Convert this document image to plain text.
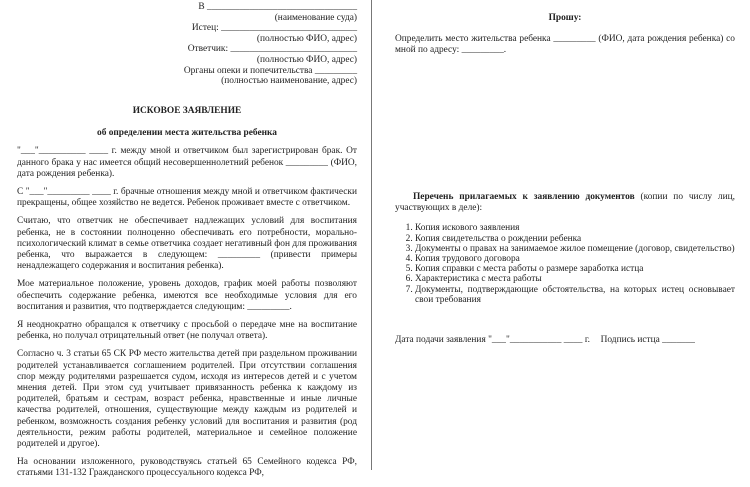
В ________________________________
(наименование суда)
Истец: _____________________________
(полностью ФИО, адрес)
Ответчик: ___________________________
(полностью ФИО, адрес)
Органы опеки и попечительства _________
(полностью наименование, адрес)
ИСКОВОЕ ЗАЯВЛЕНИЕ
об определении места жительства ребенка
"___"__________ ____ г. между мной и ответчиком был зарегистрирован брак. От данного брака у нас имеется общий несовершеннолетний ребенок _________ (ФИО, дата рождения ребенка).
С "___"_________ ____ г. брачные отношения между мной и ответчиком фактически прекращены, общее хозяйство не ведется. Ребенок проживает вместе с ответчиком.
Считаю, что ответчик не обеспечивает надлежащих условий для воспитания ребенка, не в состоянии полноценно обеспечивать его потребности, морально-психологический климат в семье ответчика создает негативный фон для проживания ребенка, что выражается в следующем: _________ (привести примеры ненадлежащего содержания и воспитания ребенка).
Мое материальное положение, уровень доходов, график моей работы позволяют обеспечить содержание ребенка, имеются все необходимые условия для его воспитания и развития, что подтверждается следующим: _________.
Я неоднократно обращался к ответчику с просьбой о передаче мне на воспитание ребенка, но получал отрицательный ответ (не получал ответа).
Согласно ч. 3 статьи 65 СК РФ место жительства детей при раздельном проживании родителей устанавливается соглашением родителей. При отсутствии соглашения спор между родителями разрешается судом, исходя из интересов детей и с учетом мнения детей. При этом суд учитывает привязанность ребенка к каждому из родителей, братьям и сестрам, возраст ребенка, нравственные и иные личные качества родителей, отношения, существующие между каждым из родителей и ребенком, возможность создания ребенку условий для воспитания и развития (род деятельности, режим работы родителей, материальное и семейное положение родителей и другое).
На основании изложенного, руководствуясь статьей 65 Семейного кодекса РФ, статьями 131-132 Гражданского процессуального кодекса РФ,
Прошу:
Определить место жительства ребенка _________ (ФИО, дата рождения ребенка) со мной по адресу: _________.
Перечень прилагаемых к заявлению документов (копии по числу лиц, участвующих в деле):
1. Копия искового заявления
2. Копия свидетельства о рождении ребенка
3. Документы о правах на занимаемое жилое помещение (договор, свидетельство)
4. Копия трудового договора
5. Копия справки с места работы о размере заработка истца
6. Характеристика с места работы
7. Документы, подтверждающие обстоятельства, на которых истец основывает свои требования
Дата подачи заявления "___"___________ ____ г. Подпись истца _______
